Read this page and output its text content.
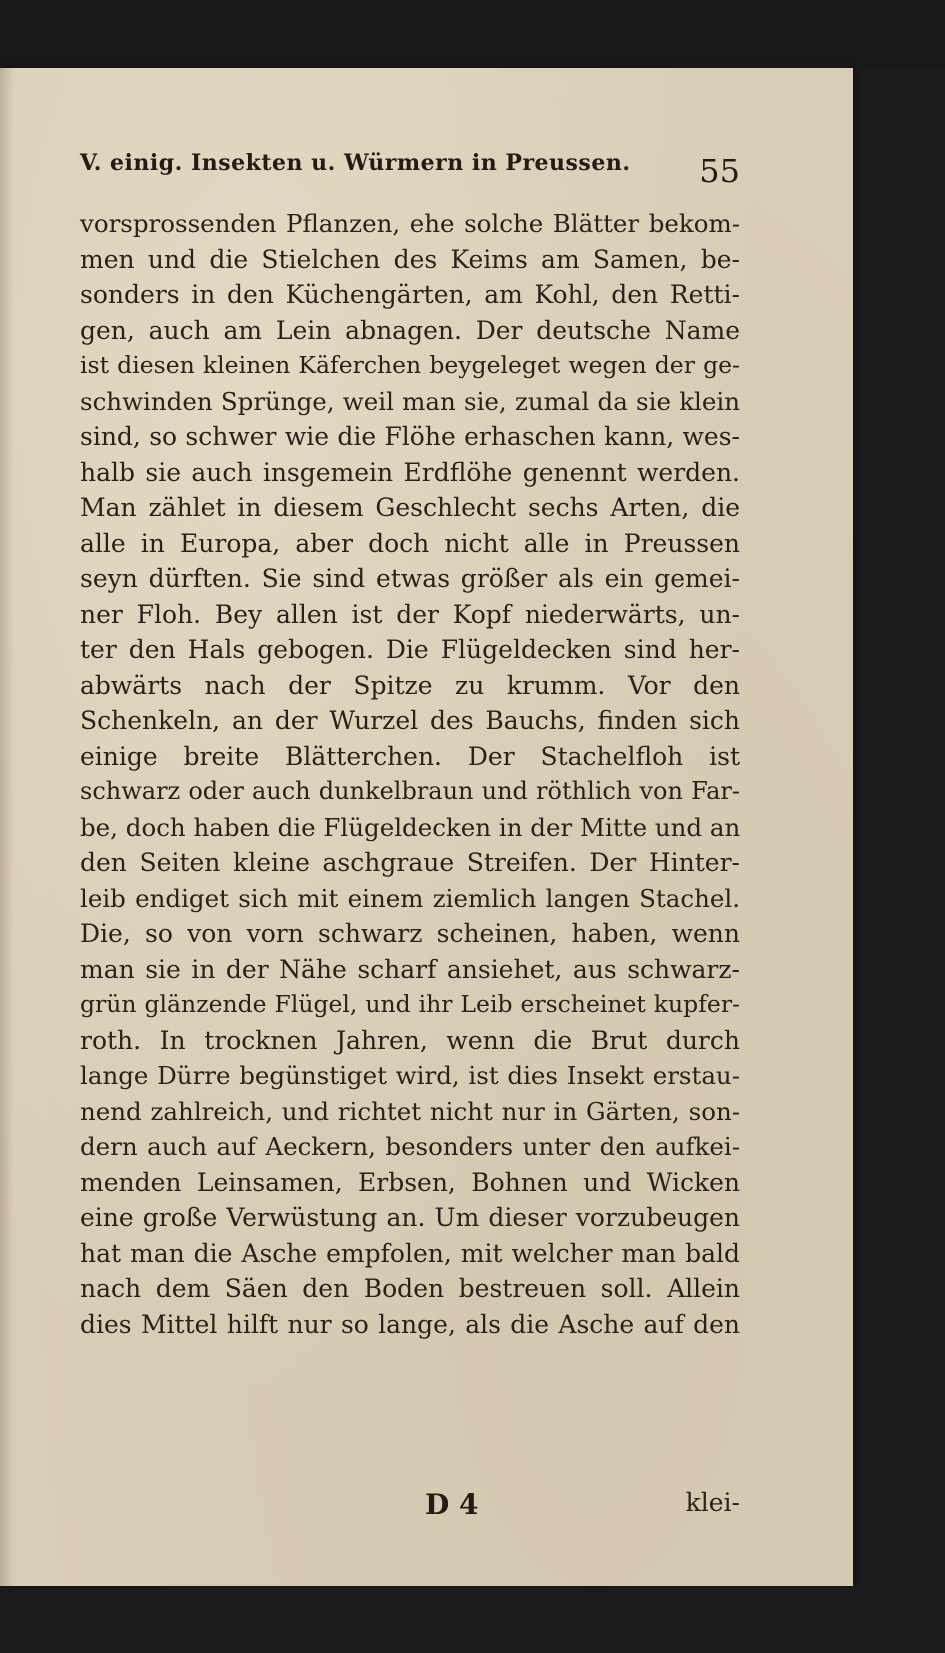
V. einig. Insekten u. Würmern in Preussen. 55
vorsprossenden Pflanzen, ehe solche Blätter bekom-
men und die Stielchen des Keims am Samen, be-
sonders in den Küchengärten, am Kohl, den Retti-
gen, auch am Lein abnagen. Der deutsche Name
ist diesen kleinen Käferchen beygeleget wegen der ge-
schwinden Sprünge, weil man sie, zumal da sie klein
sind, so schwer wie die Flöhe erhaschen kann, wes-
halb sie auch insgemein Erdflöhe genennt werden.
Man zählet in diesem Geschlecht sechs Arten, die
alle in Europa, aber doch nicht alle in Preussen
seyn dürften. Sie sind etwas größer als ein gemei-
ner Floh. Bey allen ist der Kopf niederwärts, un-
ter den Hals gebogen. Die Flügeldecken sind her-
abwärts nach der Spitze zu krumm. Vor den
Schenkeln, an der Wurzel des Bauchs, finden sich
einige breite Blätterchen. Der Stachelfloh ist
schwarz oder auch dunkelbraun und röthlich von Far-
be, doch haben die Flügeldecken in der Mitte und an
den Seiten kleine aschgraue Streifen. Der Hinter-
leib endiget sich mit einem ziemlich langen Stachel.
Die, so von vorn schwarz scheinen, haben, wenn
man sie in der Nähe scharf ansiehet, aus schwarz-
grün glänzende Flügel, und ihr Leib erscheinet kupfer-
roth. In trocknen Jahren, wenn die Brut durch
lange Dürre begünstiget wird, ist dies Insekt erstau-
nend zahlreich, und richtet nicht nur in Gärten, son-
dern auch auf Aeckern, besonders unter den aufkei-
menden Leinsamen, Erbsen, Bohnen und Wicken
eine große Verwüstung an. Um dieser vorzubeugen
hat man die Asche empfolen, mit welcher man bald
nach dem Säen den Boden bestreuen soll. Allein
dies Mittel hilft nur so lange, als die Asche auf den
D 4	klei-
